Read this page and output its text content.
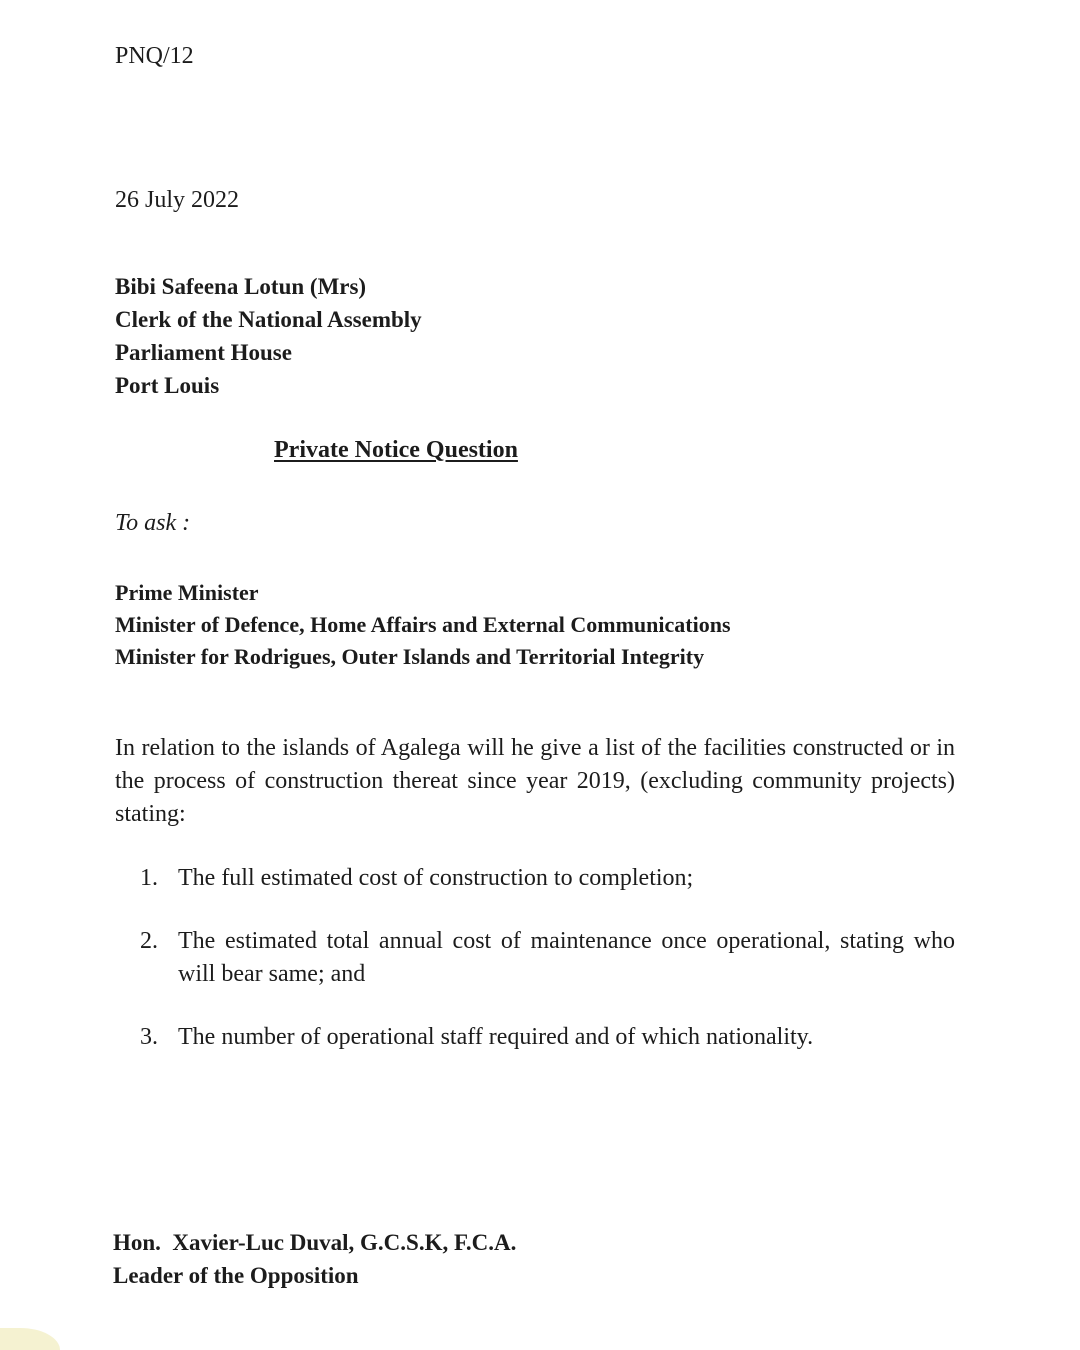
PNQ/12
26 July 2022
Bibi Safeena Lotun (Mrs)
Clerk of the National Assembly
Parliament House
Port Louis
Private Notice Question
To ask :
Prime Minister
Minister of Defence, Home Affairs and External Communications
Minister for Rodrigues, Outer Islands and Territorial Integrity

In relation to the islands of Agalega will he give a list of the facilities constructed or in the process of construction thereat since year 2019, (excluding community projects) stating:

1. The full estimated cost of construction to completion;
2. The estimated total annual cost of maintenance once operational, stating who will bear same; and
3. The number of operational staff required and of which nationality.
Hon.  Xavier-Luc Duval, G.C.S.K, F.C.A.
Leader of the Opposition
